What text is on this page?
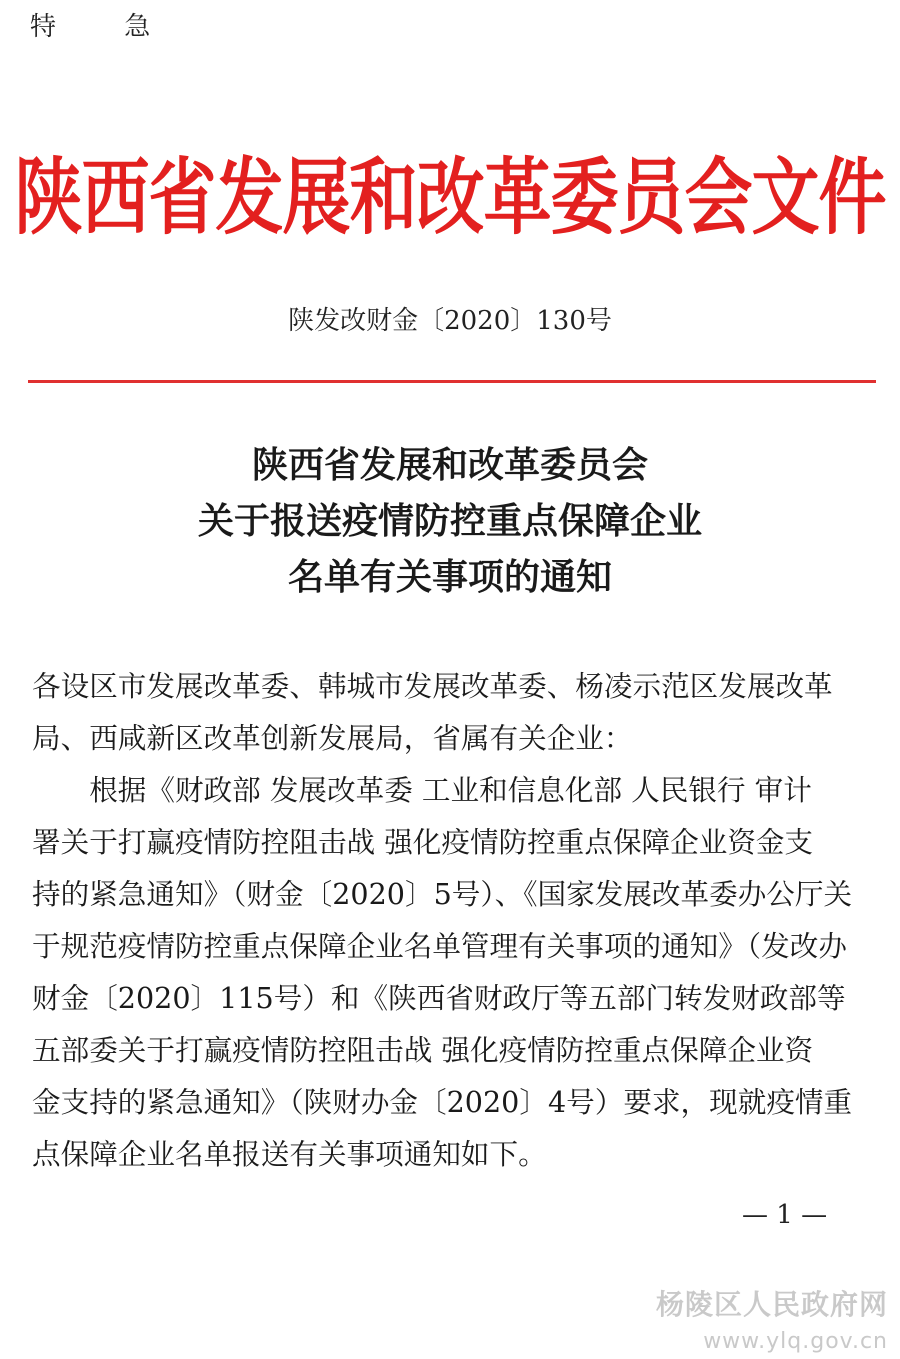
特 急
陕西省发展和改革委员会文件
陕发改财金〔2020〕130号
陕西省发展和改革委员会
关于报送疫情防控重点保障企业
名单有关事项的通知
各设区市发展改革委、韩城市发展改革委、杨凌示范区发展改革
局、西咸新区改革创新发展局，省属有关企业：
　　根据《财政部 发展改革委 工业和信息化部 人民银行 审计
署关于打赢疫情防控阻击战 强化疫情防控重点保障企业资金支
持的紧急通知》（财金〔2020〕5号）、《国家发展改革委办公厅关
于规范疫情防控重点保障企业名单管理有关事项的通知》（发改办
财金〔2020〕115号）和《陕西省财政厅等五部门转发财政部等
五部委关于打赢疫情防控阻击战 强化疫情防控重点保障企业资
金支持的紧急通知》（陕财办金〔2020〕4号）要求，现就疫情重
点保障企业名单报送有关事项通知如下。
— 1 —
杨陵区人民政府网
www.ylq.gov.cn
